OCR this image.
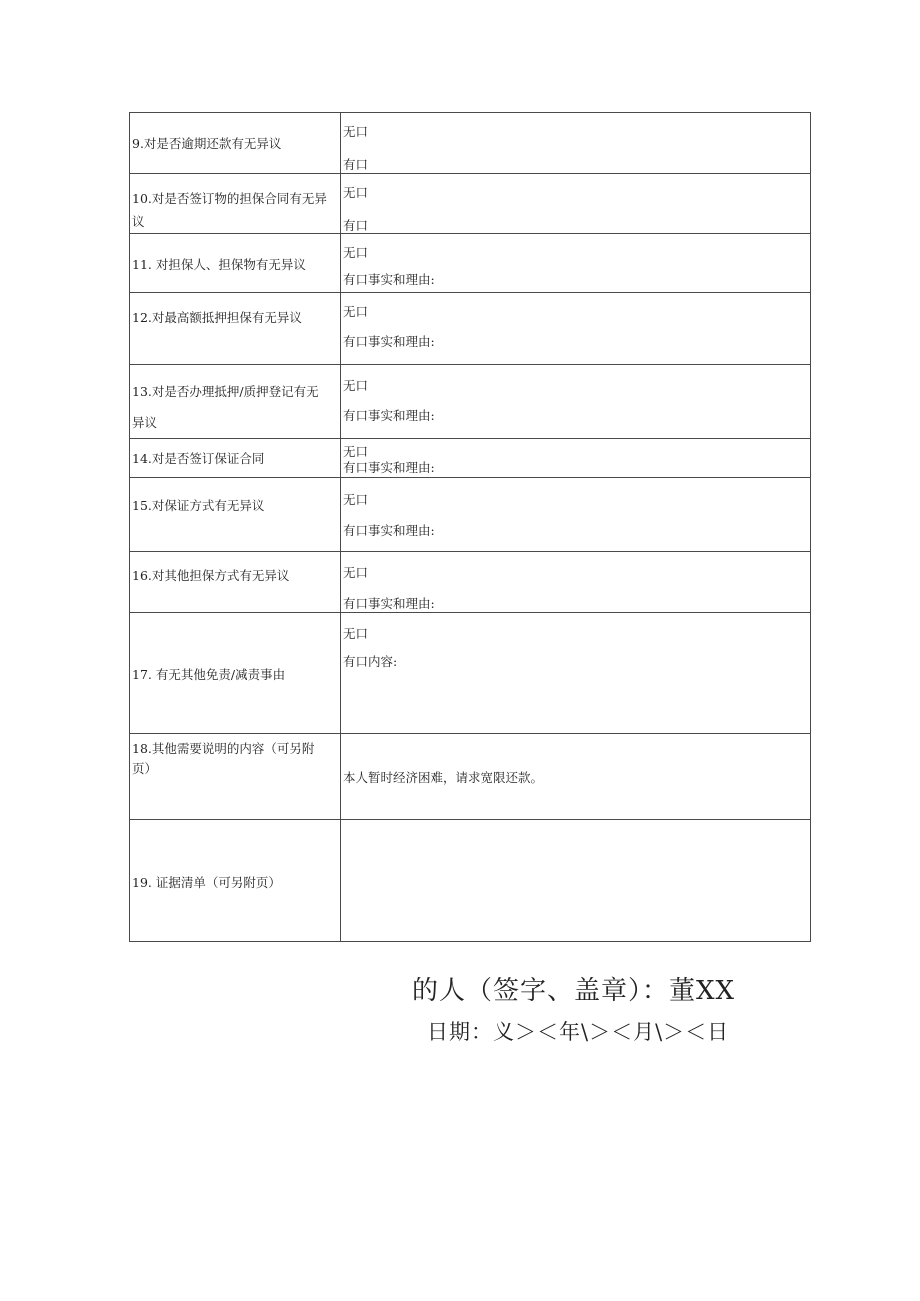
9.对是否逾期还款有无异议	无口
有口

10.对是否签订物的担保合同有无异议	无口
有口

11. 对担保人、担保物有无异议	无口
有口事实和理由:

12.对最高额抵押担保有无异议	无口
有口事实和理由:

13.对是否办理抵押/质押登记有无异议	无口
有口事实和理由:

14.对是否签订保证合同	无口
有口事实和理由:

15.对保证方式有无异议	无口
有口事实和理由:

16.对其他担保方式有无异议	无口
有口事实和理由:

17. 有无其他免责/减责事由	无口
有口内容:

18.其他需要说明的内容（可另附页）	本人暂时经济困难，请求宽限还款。

19. 证据清单（可另附页）	

的人（签字、盖章）：董XX
日期：义＞＜年\＞＜月\＞＜日
